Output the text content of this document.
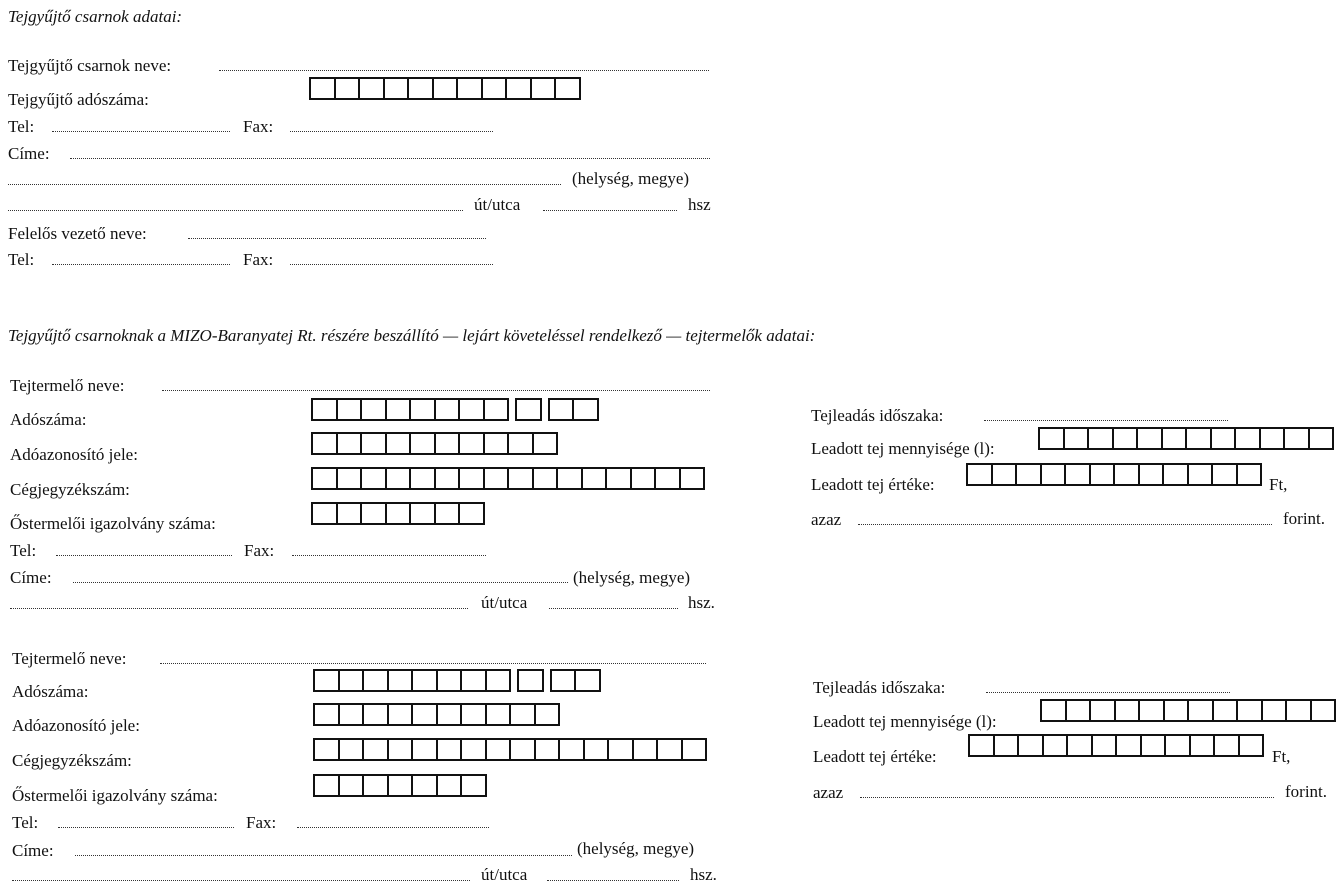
Tejgyűjtő csarnok adatai:
Tejgyűjtő csarnok neve:
Tejgyűjtő adószáma:
Tel:	Fax:
Címe:
(helység, megye)
út/utca	hsz
Felelős vezető neve:
Tel:	Fax:
Tejgyűjtő csarnoknak a MIZO-Baranyatej Rt. részére beszállító — lejárt követeléssel rendelkező — tejtermelők adatai:
Tejtermelő neve:
Adószáma:
Adóazonosító jele:
Cégjegyzékszám:
Őstermelői igazolvány száma:
Tel:	Fax:
Címe:	(helység, megye)
út/utca	hsz.
Tejleadás időszaka:
Leadott tej mennyisége (l):
Leadott tej értéke:	Ft,
azaz	forint.
Tejtermelő neve:
Adószáma:
Adóazonosító jele:
Cégjegyzékszám:
Őstermelői igazolvány száma:
Tel:	Fax:
Címe:	(helység, megye)
út/utca	hsz.
Tejleadás időszaka:
Leadott tej mennyisége (l):
Leadott tej értéke:	Ft,
azaz	forint.
